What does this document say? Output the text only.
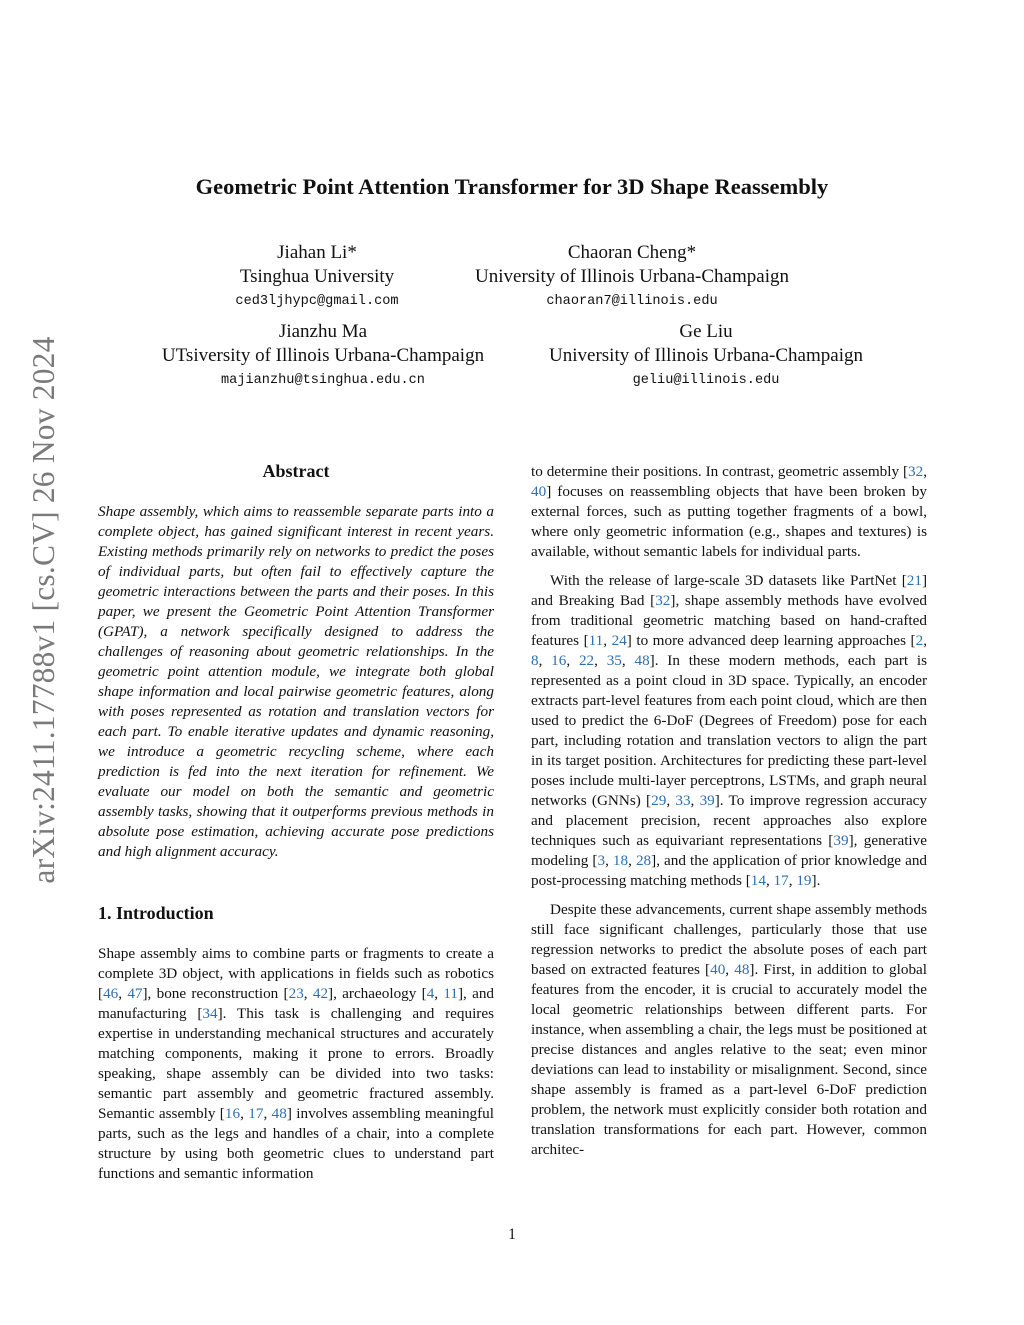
arXiv:2411.17788v1 [cs.CV] 26 Nov 2024
Geometric Point Attention Transformer for 3D Shape Reassembly
Jiahan Li*
Tsinghua University
ced3ljhypc@gmail.com
Chaoran Cheng*
University of Illinois Urbana-Champaign
chaoran7@illinois.edu
Jianzhu Ma
UTsiversity of Illinois Urbana-Champaign
majianzhu@tsinghua.edu.cn
Ge Liu
University of Illinois Urbana-Champaign
geliu@illinois.edu
Abstract

Shape assembly, which aims to reassemble separate parts into a complete object, has gained significant interest in recent years. Existing methods primarily rely on networks to predict the poses of individual parts, but often fail to effectively capture the geometric interactions between the parts and their poses. In this paper, we present the Geometric Point Attention Transformer (GPAT), a network specifically designed to address the challenges of reasoning about geometric relationships. In the geometric point attention module, we integrate both global shape information and local pairwise geometric features, along with poses represented as rotation and translation vectors for each part. To enable iterative updates and dynamic reasoning, we introduce a geometric recycling scheme, where each prediction is fed into the next iteration for refinement. We evaluate our model on both the semantic and geometric assembly tasks, showing that it outperforms previous methods in absolute pose estimation, achieving accurate pose predictions and high alignment accuracy.

1. Introduction

Shape assembly aims to combine parts or fragments to create a complete 3D object, with applications in fields such as robotics [46, 47], bone reconstruction [23, 42], archaeology [4, 11], and manufacturing [34]. This task is challenging and requires expertise in understanding mechanical structures and accurately matching components, making it prone to errors. Broadly speaking, shape assembly can be divided into two tasks: semantic part assembly and geometric fractured assembly. Semantic assembly [16, 17, 48] involves assembling meaningful parts, such as the legs and handles of a chair, into a complete structure by using both geometric clues to understand part functions and semantic information

to determine their positions. In contrast, geometric assembly [32, 40] focuses on reassembling objects that have been broken by external forces, such as putting together fragments of a bowl, where only geometric information (e.g., shapes and textures) is available, without semantic labels for individual parts.

With the release of large-scale 3D datasets like PartNet [21] and Breaking Bad [32], shape assembly methods have evolved from traditional geometric matching based on hand-crafted features [11, 24] to more advanced deep learning approaches [2, 8, 16, 22, 35, 48]. In these modern methods, each part is represented as a point cloud in 3D space. Typically, an encoder extracts part-level features from each point cloud, which are then used to predict the 6-DoF (Degrees of Freedom) pose for each part, including rotation and translation vectors to align the part in its target position. Architectures for predicting these part-level poses include multi-layer perceptrons, LSTMs, and graph neural networks (GNNs) [29, 33, 39]. To improve regression accuracy and placement precision, recent approaches also explore techniques such as equivariant representations [39], generative modeling [3, 18, 28], and the application of prior knowledge and post-processing matching methods [14, 17, 19].

Despite these advancements, current shape assembly methods still face significant challenges, particularly those that use regression networks to predict the absolute poses of each part based on extracted features [40, 48]. First, in addition to global features from the encoder, it is crucial to accurately model the local geometric relationships between different parts. For instance, when assembling a chair, the legs must be positioned at precise distances and angles relative to the seat; even minor deviations can lead to instability or misalignment. Second, since shape assembly is framed as a part-level 6-DoF prediction problem, the network must explicitly consider both rotation and translation transformations for each part. However, common architec-

1
